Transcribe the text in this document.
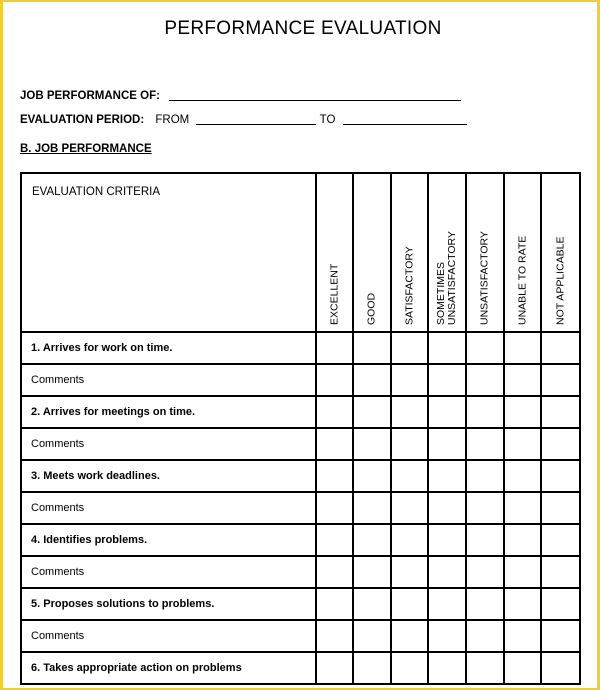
PERFORMANCE EVALUATION
JOB PERFORMANCE OF:
EVALUATION PERIOD: FROM	TO
B. JOB PERFORMANCE
EVALUATION CRITERIA	EXCELLENT	GOOD	SATISFACTORY	SOMETIMES UNSATISFACTORY	UNSATISFACTORY	UNABLE TO RATE	NOT APPLICABLE

1. Arrives for work on time.							
Comments							
2. Arrives for meetings on time.							
Comments							
3. Meets work deadlines.							
Comments							
4. Identifies problems.							
Comments							
5. Proposes solutions to problems.							
Comments							
6. Takes appropriate action on problems							
